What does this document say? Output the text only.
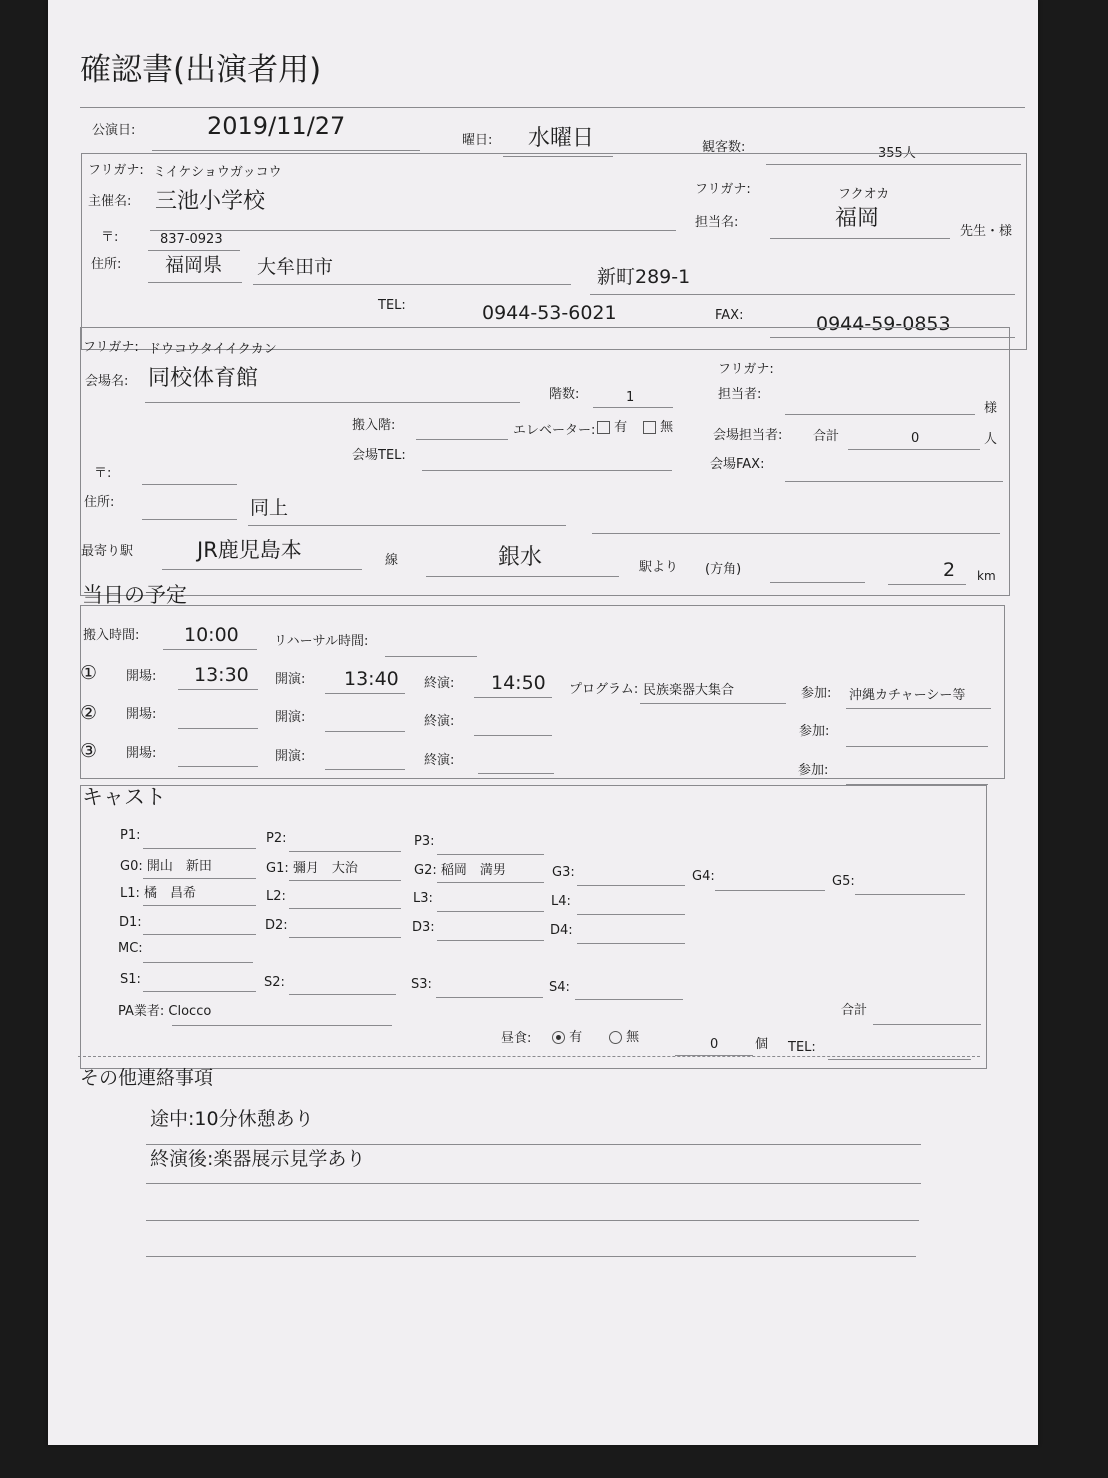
確認書(出演者用)
公演日:	2019/11/27
曜日: 水曜日	観客数:	355人
フリガナ: ミイケショウガッコウ
主催名: 三池小学校	フリガナ:	フクオカ
担当名:	福岡
先生・様
〒:	837-0923
住所: 福岡県 大牟田市	新町289-1
TEL:	0944-53-6021	FAX:	0944-59-0853
フリガナ: ドウコウタイイクカン
会場名: 同校体育館
階数:	1
フリガナ:
担当者:
様
搬入階:	エレベーター:	有	無
会場担当者: 合計	0	人
会場TEL:
会場FAX:
〒:
住所:	同上
最寄り駅	JR鹿児島本	線	銀水	駅より (方角)	2 km
当日の予定
搬入時間: 10:00	リハーサル時間:
① 開場: 13:30 開演: 13:40 終演: 14:50 プログラム: 民族楽器大集合	参加: 沖縄カチャーシー等
② 開場:	開演:	終演:
参加:
③ 開場:	開演:	終演:
参加:
キャスト
P1:	P2:	P3:
G0: 開山　新田	G1: 彌月　大治	G2: 稲岡　満男	G3:	G4:	G5:
L1: 橘　昌希	L2:	L3:	L4:
D1:	D2:	D3:	D4:
MC:
S1:	S2:	S3:	S4:
PA業者: Clocco	合計
昼食:	有	無	0	個 TEL:
その他連絡事項
途中:10分休憩あり
終演後:楽器展示見学あり
